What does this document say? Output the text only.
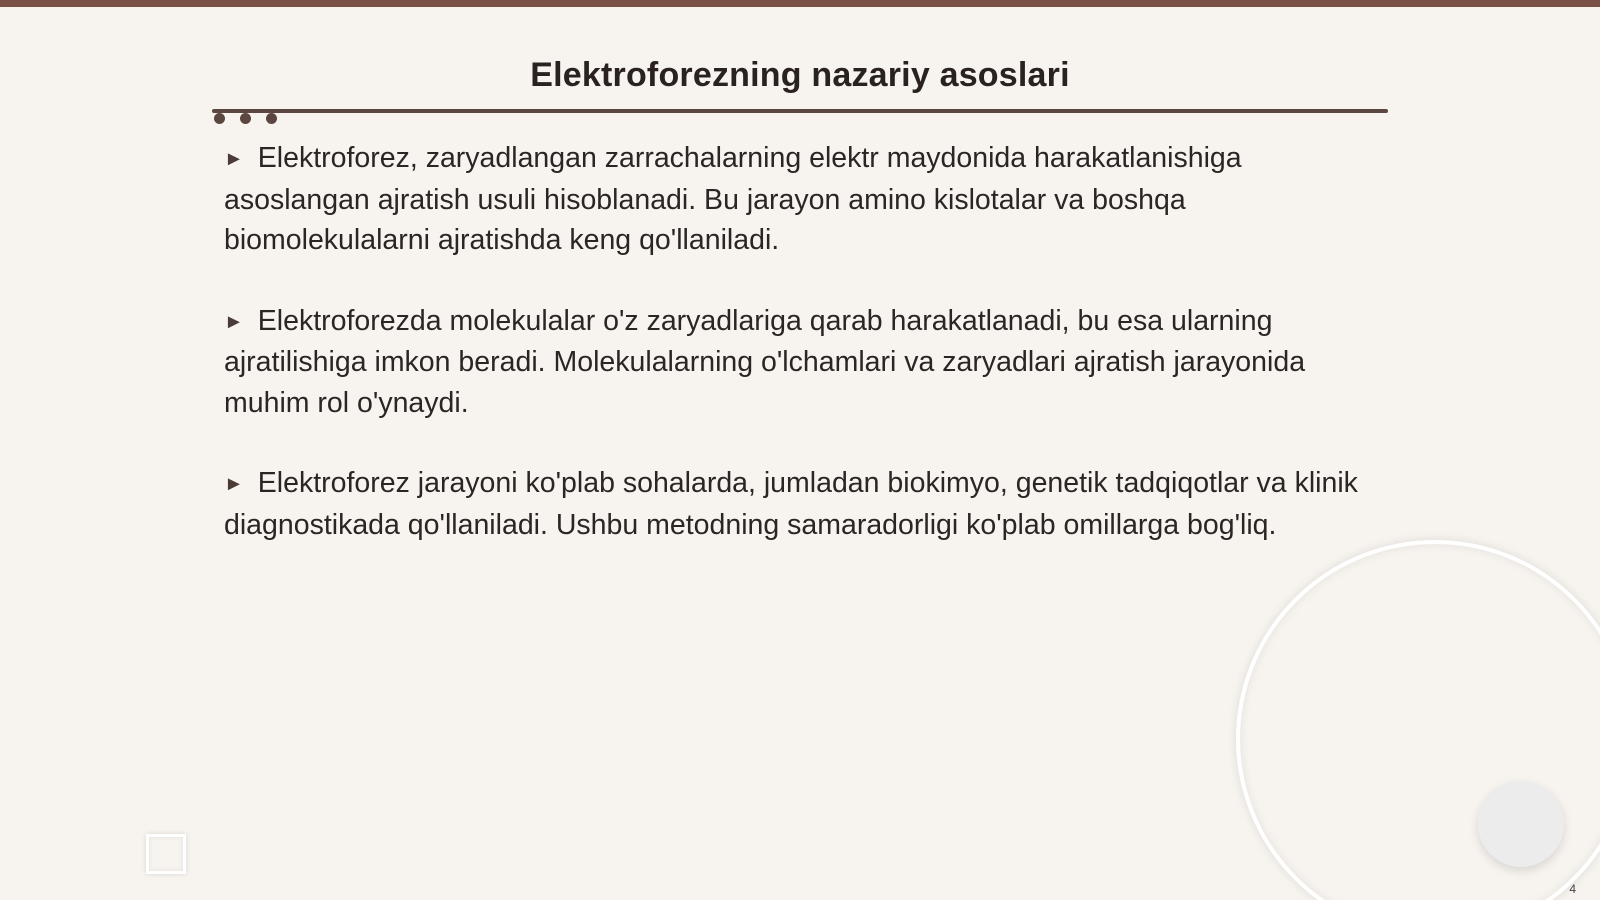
Elektroforezning nazariy asoslari

► Elektroforez, zaryadlangan zarrachalarning elektr maydonida harakatlanishiga asoslangan ajratish usuli hisoblanadi. Bu jarayon amino kislotalar va boshqa biomolekulalarni ajratishda keng qo'llaniladi.

► Elektroforezda molekulalar o'z zaryadlariga qarab harakatlanadi, bu esa ularning ajratilishiga imkon beradi. Molekulalarning o'lchamlari va zaryadlari ajratish jarayonida muhim rol o'ynaydi.

► Elektroforez jarayoni ko'plab sohalarda, jumladan biokimyo, genetik tadqiqotlar va klinik diagnostikada qo'llaniladi. Ushbu metodning samaradorligi ko'plab omillarga bog'liq.

4
